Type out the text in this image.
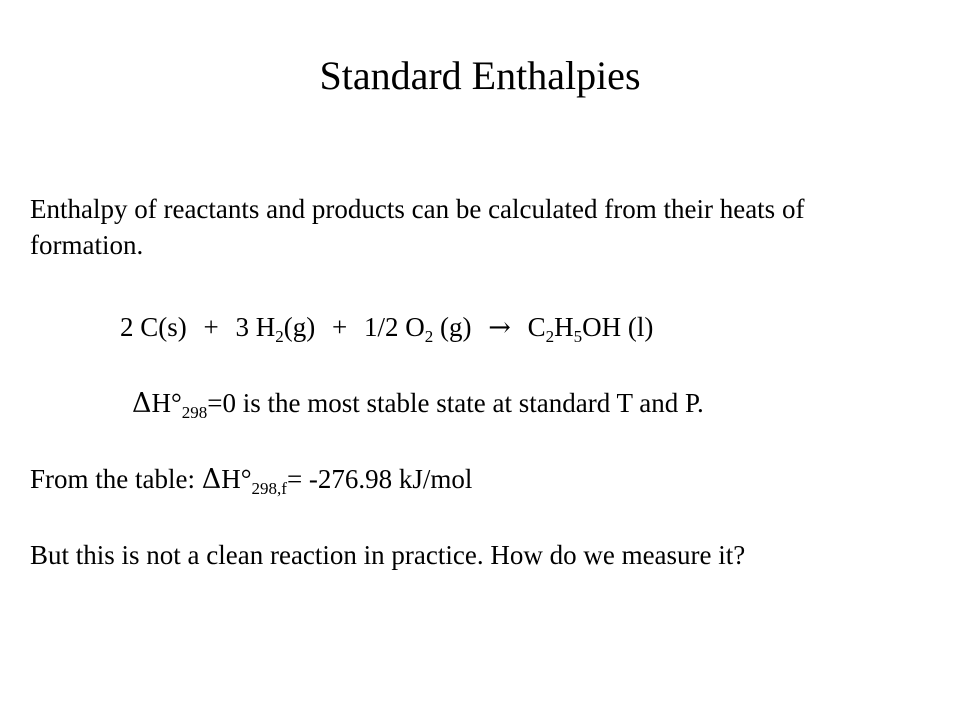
Standard Enthalpies
Enthalpy of reactants and products can be calculated from their heats of formation.
2 C(s) + 3 $H_2(g) + 1/2$ $O_2$ $(g) \to C_2H_5OH$ (l)
$\Delta H^\circ_{298}=0$ is the most stable state at standard T and P.
From the table: $\Delta H^\circ_{298,f}= -276.98$ kJ/mol
But this is not a clean reaction in practice. How do we measure it?
